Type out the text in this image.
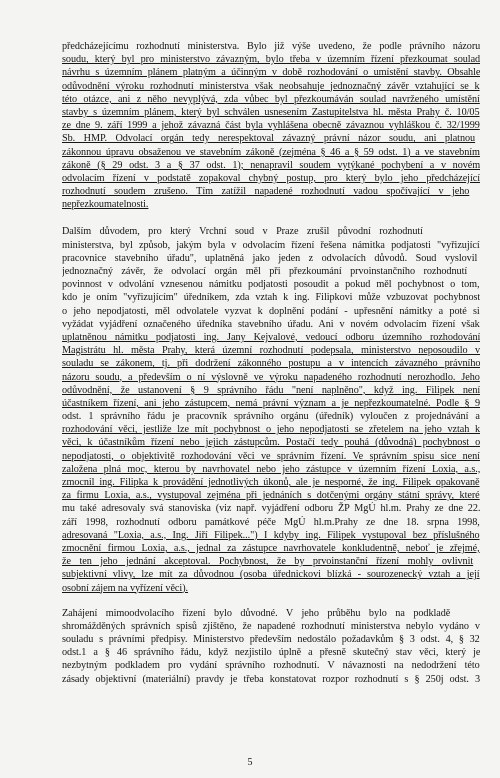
předcházejícímu rozhodnutí ministerstva. Bylo již výše uvedeno, že podle právního názoru
soudu, který byl pro ministerstvo závazným, bylo třeba v územním řízení přezkoumat soulad
návrhu s územním plánem platným a účinným v době rozhodování o umístění stavby. Obsahle
odůvodnění výroku rozhodnutí ministerstva však neobsahuje jednoznačný závěr vztahující se k
této otázce, ani z něho nevyplývá, zda vůbec byl přezkoumáván soulad navrženého umístění
stavby s územním plánem, který byl schválen usnesením Zastupitelstva hl. města Prahy č. 10/05
ze dne 9. září 1999 a jehož závazná část byla vyhlášena obecně závaznou vyhláškou č. 32/1999
Sb. HMP. Odvolací orgán tedy nerespektoval závazný právní názor soudu, ani platnou
zákonnou úpravu obsaženou ve stavebním zákoně (zejména § 46 a § 59 odst. 1) a ve stavebním
zákoně (§ 29 odst. 3 a § 37 odst. 1); nenapravil soudem vytýkané pochybení a v novém
odvolacím řízení v podstatě zopakoval chybný postup, pro který bylo jeho předcházející
rozhodnutí soudem zrušeno. Tím zatížil napadené rozhodnutí vadou spočívající v jeho
nepřezkoumatelnosti.
Dalším důvodem, pro který Vrchní soud v Praze zrušil původní rozhodnutí
ministerstva, byl způsob, jakým byla v odvolacím řízení řešena námitka podjatosti "vyřizující
pracovnice stavebního úřadu", uplatněná jako jeden z odvolacích důvodů. Soud vyslovil
jednoznačný závěr, že odvolací orgán měl při přezkoumání prvoinstančního rozhodnutí
povinnost v odvolání vznesenou námitku podjatosti posoudit a pokud měl pochybnost o tom,
kdo je oním "vyřizujícím" úředníkem, zda vztah k ing. Filipkovi může vzbuzovat pochybnost
o jeho nepodjatosti, měl odvolatele vyzvat k doplnění podání - upřesnění námitky a poté si
vyžádat vyjádření označeného úředníka stavebního úřadu. Ani v novém odvolacím řízení však
uplatněnou námitku podjatosti ing. Jany Kejvalové, vedoucí odboru územního rozhodování
Magistrátu hl. města Prahy, která územní rozhodnutí podepsala, ministerstvo neposoudilo v
souladu se zákonem, tj. při dodržení zákonného postupu a v intencích závazného právního
názoru soudu, a především o ní výslovně ve výroku napadeného rozhodnutí nerozhodlo. Jeho
odůvodnění, že ustanovení § 9 správního řádu "není naplněno", když ing. Filipek není
účastníkem řízení, ani jeho zástupcem, nemá právní význam a je nepřezkoumatelné. Podle § 9
odst. 1 správního řádu je pracovník správního orgánu (úředník) vyloučen z projednávání a
rozhodování věci, jestliže lze mít pochybnost o jeho nepodjatosti se zřetelem na jeho vztah k
věci, k účastníkům řízení nebo jejich zástupcům. Postačí tedy pouhá (důvodná) pochybnost o
nepodjatosti, o objektivitě rozhodování věci ve správním řízení. Ve správním spisu sice není
založena plná moc, kterou by navrhovatel nebo jeho zástupce v územním řízení Loxia, a.s.,
zmocnil ing. Filipka k provádění jednotlivých úkonů, ale je nesporné, že ing. Filipek opakovaně
za firmu Loxia, a.s., vystupoval zejména při jednáních s dotčenými orgány státní správy, které
mu také adresovaly svá stanoviska (viz např. vyjádření odboru ŽP MgÚ hl.m. Prahy ze dne 22.
září 1998, rozhodnutí odboru památkové péče MgÚ hl.m.Prahy ze dne 18. srpna 1998,
adresovaná "Loxia, a.s., Ing. Jiří Filipek...") I kdyby ing. Filipek vystupoval bez příslušného
zmocnění firmou Loxia, a.s., jednal za zástupce navrhovatele konkludentně, neboť je zřejmé,
že ten jeho jednání akceptoval. Pochybnost, že by prvoinstanční řízení mohly ovlivnit
subjektivní vlivy, lze mít za důvodnou (osoba úřednickovi blízká - sourozenecký vztah a její
osobní zájem na vyřízení věci).
Zahájení mimoodvolacího řízení bylo důvodné. V jeho průběhu bylo na podkladě
shromážděných správních spisů zjištěno, že napadené rozhodnutí ministerstva nebylo vydáno v
souladu s právními předpisy. Ministerstvo především nedostálo požadavkům § 3 odst. 4, § 32
odst.1 a § 46 správního řádu, když nezjistilo úplně a přesně skutečný stav věci, který je
nezbytným podkladem pro vydání správního rozhodnutí. V návaznosti na nedodržení této
zásady objektivní (materiální) pravdy je třeba konstatovat rozpor rozhodnutí s § 250j odst. 3
5
